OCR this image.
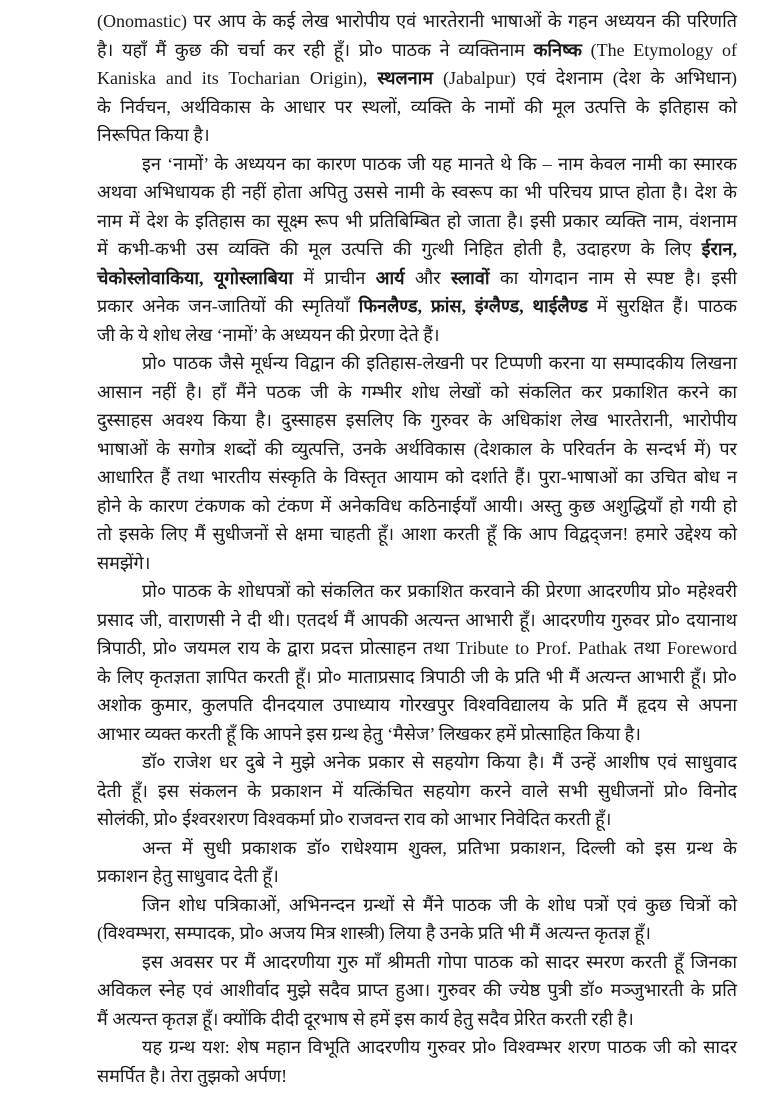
(Onomastic) पर आप के कई लेख भारोपीय एवं भारतेरानी भाषाओं के गहन अध्ययन की परिणति
है। यहाँ मैं कुछ की चर्चा कर रही हूँ। प्रो० पाठक ने व्यक्तिनाम कनिष्क (The Etymology of
Kaniska and its Tocharian Origin), स्थलनाम (Jabalpur) एवं देशनाम (देश के अभिधान)
के निर्वचन, अर्थविकास के आधार पर स्थलों, व्यक्ति के नामों की मूल उत्पत्ति के इतिहास को
निरूपित किया है।
इन ‘नामों’ के अध्ययन का कारण पाठक जी यह मानते थे कि – नाम केवल नामी का स्मारक
अथवा अभिधायक ही नहीं होता अपितु उससे नामी के स्वरूप का भी परिचय प्राप्त होता है। देश के
नाम में देश के इतिहास का सूक्ष्म रूप भी प्रतिबिम्बित हो जाता है। इसी प्रकार व्यक्ति नाम, वंशनाम
में कभी-कभी उस व्यक्ति की मूल उत्पत्ति की गुत्थी निहित होती है, उदाहरण के लिए ईरान,
चेकोस्लोवाकिया, यूगोस्लाबिया में प्राचीन आर्य और स्लावों का योगदान नाम से स्पष्ट है। इसी
प्रकार अनेक जन-जातियों की स्मृतियाँ फिनलैण्ड, फ्रांस, इंग्लैण्ड, थाईलैण्ड में सुरक्षित हैं। पाठक
जी के ये शोध लेख ‘नामों’ के अध्ययन की प्रेरणा देते हैं।
प्रो० पाठक जैसे मूर्धन्य विद्वान की इतिहास-लेखनी पर टिप्पणी करना या सम्पादकीय लिखना
आसान नहीं है। हाँ मैंने पठक जी के गम्भीर शोध लेखों को संकलित कर प्रकाशित करने का
दुस्साहस अवश्य किया है। दुस्साहस इसलिए कि गुरुवर के अधिकांश लेख भारतेरानी, भारोपीय
भाषाओं के सगोत्र शब्दों की व्युत्पत्ति, उनके अर्थविकास (देशकाल के परिवर्तन के सन्दर्भ में) पर
आधारित हैं तथा भारतीय संस्कृति के विस्तृत आयाम को दर्शाते हैं। पुरा-भाषाओं का उचित बोध न
होने के कारण टंकणक को टंकण में अनेकविध कठिनाईयाँ आयी। अस्तु कुछ अशुद्धियाँ हो गयी हो
तो इसके लिए मैं सुधीजनों से क्षमा चाहती हूँ। आशा करती हूँ कि आप विद्वद्जन! हमारे उद्देश्य को
समझेंगे।
प्रो० पाठक के शोधपत्रों को संकलित कर प्रकाशित करवाने की प्रेरणा आदरणीय प्रो० महेश्वरी
प्रसाद जी, वाराणसी ने दी थी। एतदर्थ मैं आपकी अत्यन्त आभारी हूँ। आदरणीय गुरुवर प्रो० दयानाथ
त्रिपाठी, प्रो० जयमल राय के द्वारा प्रदत्त प्रोत्साहन तथा Tribute to Prof. Pathak तथा Foreword
के लिए कृतज्ञता ज्ञापित करती हूँ। प्रो० माताप्रसाद त्रिपाठी जी के प्रति भी मैं अत्यन्त आभारी हूँ। प्रो०
अशोक कुमार, कुलपति दीनदयाल उपाध्याय गोरखपुर विश्वविद्यालय के प्रति मैं हृदय से अपना
आभार व्यक्त करती हूँ कि आपने इस ग्रन्थ हेतु ‘मैसेज’ लिखकर हमें प्रोत्साहित किया है।
डॉ० राजेश धर दुबे ने मुझे अनेक प्रकार से सहयोग किया है। मैं उन्हें आशीष एवं साधुवाद
देती हूँ। इस संकलन के प्रकाशन में यत्किंचित सहयोग करने वाले सभी सुधीजनों प्रो० विनोद
सोलंकी, प्रो० ईश्वरशरण विश्वकर्मा प्रो० राजवन्त राव को आभार निवेदित करती हूँ।
अन्त में सुधी प्रकाशक डॉ० राधेश्याम शुक्ल, प्रतिभा प्रकाशन, दिल्ली को इस ग्रन्थ के
प्रकाशन हेतु साधुवाद देती हूँ।
जिन शोध पत्रिकाओं, अभिनन्दन ग्रन्थों से मैंने पाठक जी के शोध पत्रों एवं कुछ चित्रों को
(विश्वम्भरा, सम्पादक, प्रो० अजय मित्र शास्त्री) लिया है उनके प्रति भी मैं अत्यन्त कृतज्ञ हूँ।
इस अवसर पर मैं आदरणीया गुरु माँ श्रीमती गोपा पाठक को सादर स्मरण करती हूँ जिनका
अविकल स्नेह एवं आशीर्वाद मुझे सदैव प्राप्त हुआ। गुरुवर की ज्येष्ठ पुत्री डॉ० मञ्जुभारती के प्रति
मैं अत्यन्त कृतज्ञ हूँ। क्योंकि दीदी दूरभाष से हमें इस कार्य हेतु सदैव प्रेरित करती रही है।
यह ग्रन्थ यश: शेष महान विभूति आदरणीय गुरुवर प्रो० विश्वम्भर शरण पाठक जी को सादर
समर्पित है। तेरा तुझको अर्पण!
